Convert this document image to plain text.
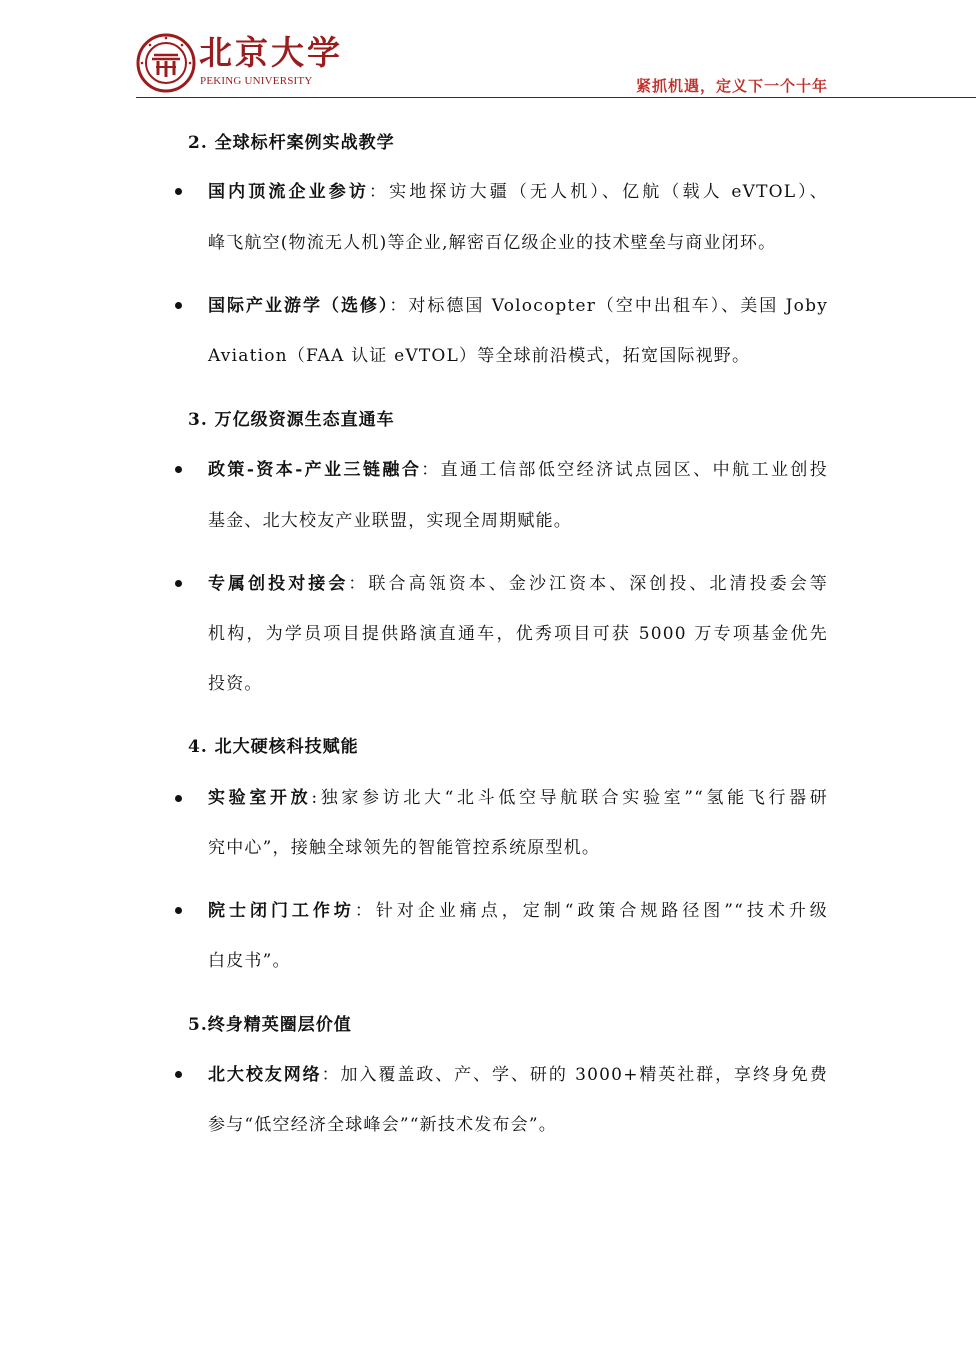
北京大学
PEKING UNIVERSITY	紧抓机遇，定义下一个十年
2. 全球标杆案例实战教学
国内顶流企业参访：实地探访大疆（无人机）、亿航（载人 eVTOL）、
峰飞航空(物流无人机)等企业,解密百亿级企业的技术壁垒与商业闭环。
国际产业游学（选修）：对标德国 Volocopter（空中出租车）、美国 Joby
Aviation（FAA 认证 eVTOL）等全球前沿模式，拓宽国际视野。
3. 万亿级资源生态直通车
政策-资本-产业三链融合：直通工信部低空经济试点园区、中航工业创投
基金、北大校友产业联盟，实现全周期赋能。
专属创投对接会：联合高瓴资本、金沙江资本、深创投、北清投委会等
机构，为学员项目提供路演直通车，优秀项目可获 5000 万专项基金优先
投资。
4. 北大硬核科技赋能
实验室开放:独家参访北大“北斗低空导航联合实验室”“氢能飞行器研
究中心”，接触全球领先的智能管控系统原型机。
院士闭门工作坊：针对企业痛点，定制“政策合规路径图”“技术升级
白皮书”。
5.终身精英圈层价值
北大校友网络：加入覆盖政、产、学、研的 3000+精英社群，享终身免费
参与“低空经济全球峰会”“新技术发布会”。
